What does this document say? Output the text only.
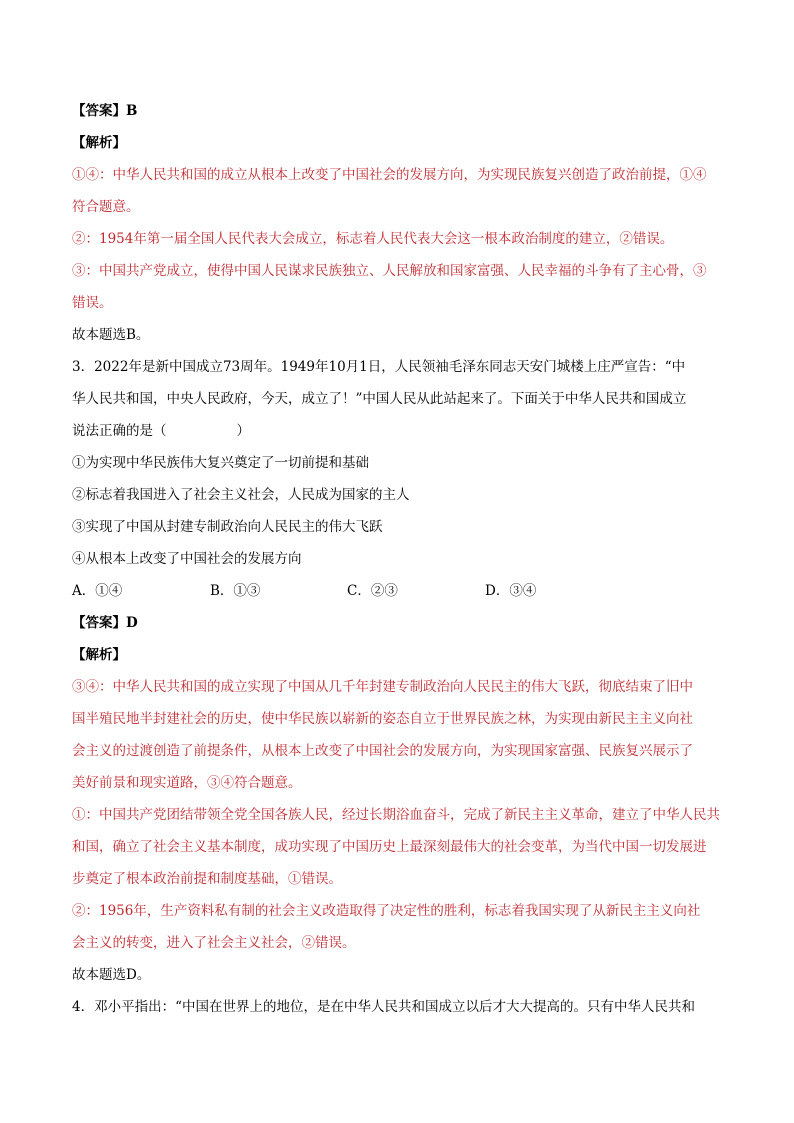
【答案】B
【解析】
①④：中华人民共和国的成立从根本上改变了中国社会的发展方向，为实现民族复兴创造了政治前提，①④
符合题意。
②：1954年第一届全国人民代表大会成立，标志着人民代表大会这一根本政治制度的建立，②错误。
③：中国共产党成立，使得中国人民谋求民族独立、人民解放和国家富强、人民幸福的斗争有了主心骨，③
错误。
故本题选B。
3．2022年是新中国成立73周年。1949年10月1日，人民领袖毛泽东同志天安门城楼上庄严宣告：“中
华人民共和国，中央人民政府，今天，成立了！”中国人民从此站起来了。下面关于中华人民共和国成立
说法正确的是（	）
①为实现中华民族伟大复兴奠定了一切前提和基础
②标志着我国进入了社会主义社会，人民成为国家的主人
③实现了中国从封建专制政治向人民民主的伟大飞跃
④从根本上改变了中国社会的发展方向
A．①④	B．①③	C．②③	D．③④
【答案】D
【解析】
③④：中华人民共和国的成立实现了中国从几千年封建专制政治向人民民主的伟大飞跃，彻底结束了旧中
国半殖民地半封建社会的历史，使中华民族以崭新的姿态自立于世界民族之林，为实现由新民主主义向社
会主义的过渡创造了前提条件，从根本上改变了中国社会的发展方向，为实现国家富强、民族复兴展示了
美好前景和现实道路，③④符合题意。
①：中国共产党团结带领全党全国各族人民，经过长期浴血奋斗，完成了新民主主义革命，建立了中华人民共
和国，确立了社会主义基本制度，成功实现了中国历史上最深刻最伟大的社会变革，为当代中国一切发展进
步奠定了根本政治前提和制度基础，①错误。
②：1956年，生产资料私有制的社会主义改造取得了决定性的胜利，标志着我国实现了从新民主主义向社
会主义的转变，进入了社会主义社会，②错误。
故本题选D。
4．邓小平指出：“中国在世界上的地位，是在中华人民共和国成立以后才大大提高的。只有中华人民共和
